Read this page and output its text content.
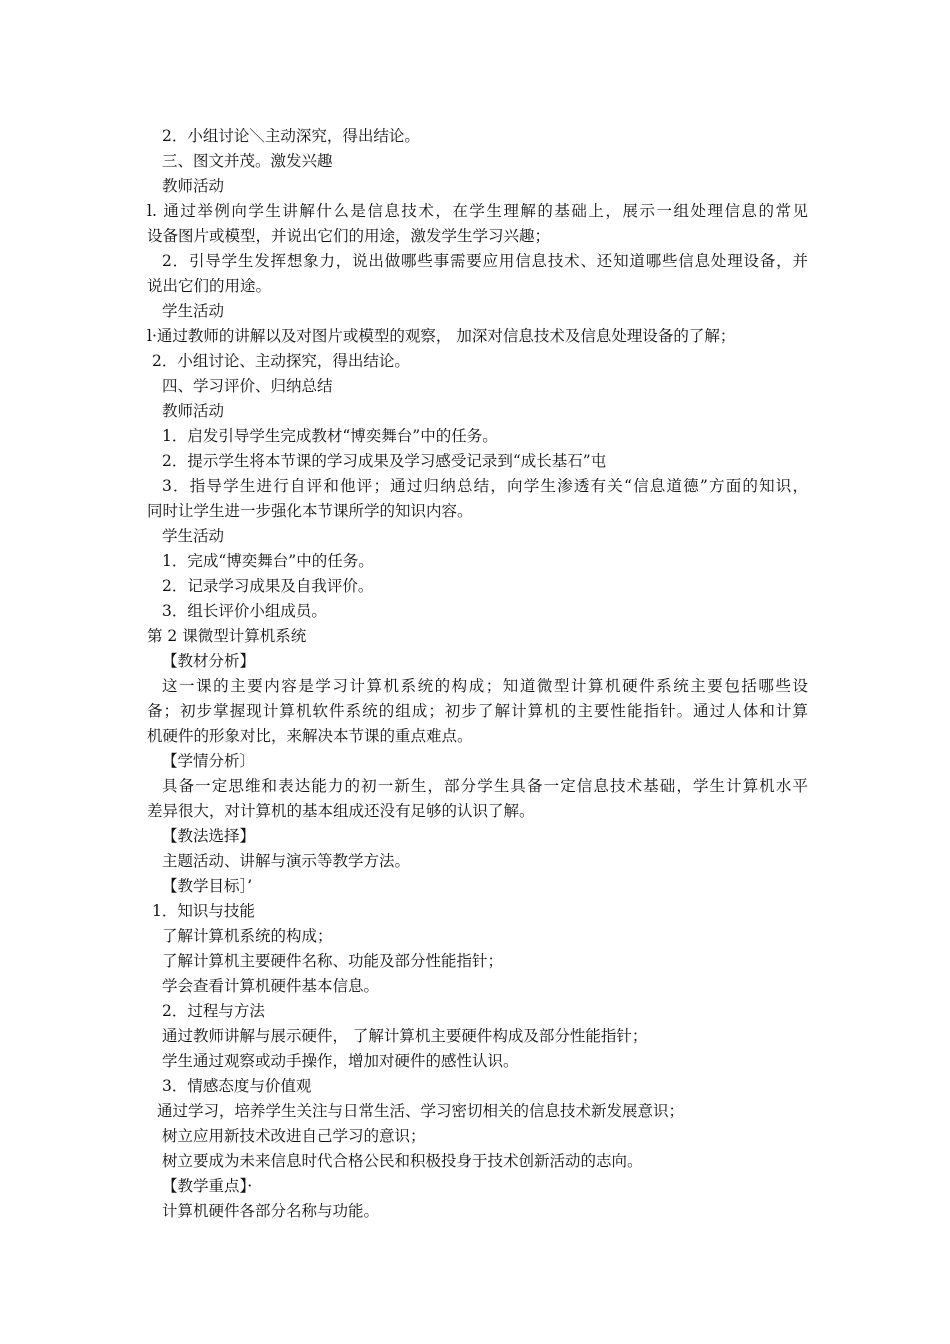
2．小组讨论＼主动深究，得出结论。
三、图文并茂。激发兴趣
教师活动
l. 通过举例向学生讲解什么是信息技术，在学生理解的基础上，展示一组处理信息的常见
设备图片或模型，并说出它们的用途，激发学生学习兴趣；
2．引导学生发挥想象力，说出做哪些事需要应用信息技术、还知道哪些信息处理设备，并
说出它们的用途。
学生活动
l·通过教师的讲解以及对图片或模型的观察， 加深对信息技术及信息处理设备的了解；
2．小组讨论、主动探究，得出结论。
四、学习评价、归纳总结
教师活动
1．启发引导学生完成教材“博奕舞台”中的任务。
2．提示学生将本节课的学习成果及学习感受记录到“成长基石”屯
3．指导学生进行自评和他评；通过归纳总结，向学生渗透有关“信息道德”方面的知识，
同时让学生进一步强化本节课所学的知识内容。
学生活动
1．完成“博奕舞台”中的任务。
2．记录学习成果及自我评价。
3．组长评价小组成员。
第 2 课微型计算机系统
【教材分析】
这一课的主要内容是学习计算机系统的构成；知道微型计算机硬件系统主要包括哪些设
备；初步掌握现计算机软件系统的组成；初步了解计算机的主要性能指针。通过人体和计算
机硬件的形象对比，来解决本节课的重点难点。
【学情分析〕
具备一定思维和表达能力的初一新生，部分学生具备一定信息技术基础，学生计算机水平
差异很大，对计算机的基本组成还没有足够的认识了解。
【教法选择】
主题活动、讲解与演示等教学方法。
【教学目标］’
1．知识与技能
了解计算机系统的构成；
了解计算机主要硬件名称、功能及部分性能指针；
学会查看计算机硬件基本信息。
2．过程与方法
通过教师讲解与展示硬件， 了解计算机主要硬件构成及部分性能指针；
学生通过观察或动手操作，增加对硬件的感性认识。
3．情感态度与价值观
通过学习，培养学生关注与日常生活、学习密切相关的信息技术新发展意识；
树立应用新技术改进自己学习的意识；
树立要成为未来信息时代合格公民和积极投身于技术创新活动的志向。
【教学重点】·
计算机硬件各部分名称与功能。
